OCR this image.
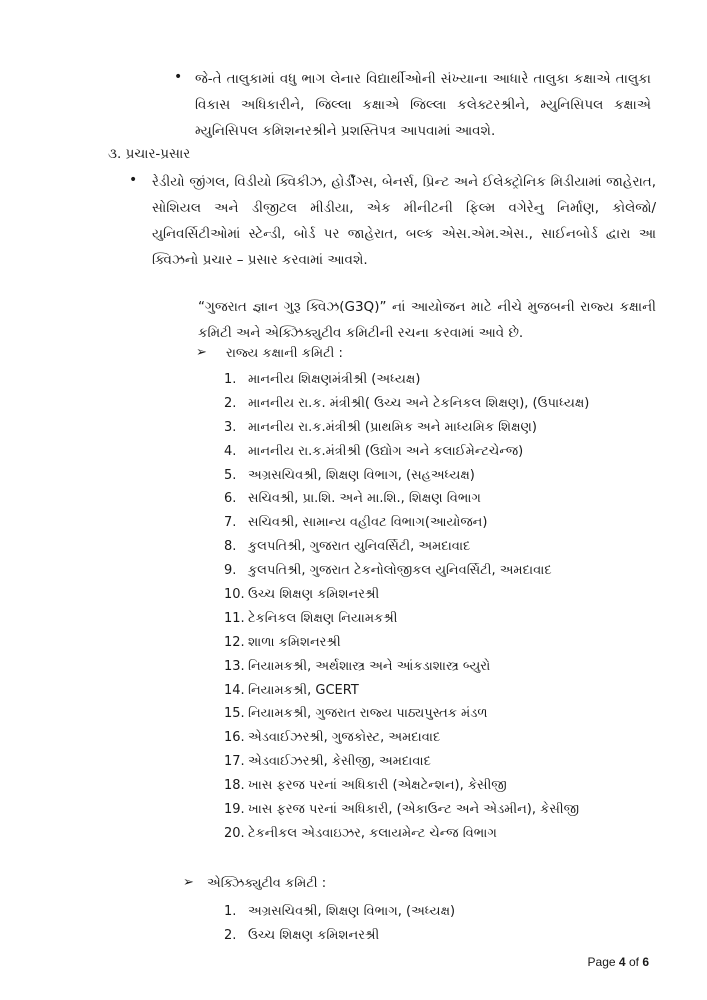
• જે-તે તાલુકામાં વધુ ભાગ લેનાર વિદ્યાર્થીઓની સંખ્યાના આધારે તાલુકા કક્ષાએ તાલુકા વિકાસ અધિકારીને, જિલ્લા કક્ષાએ જિલ્લા કલેક્ટરશ્રીને, મ્યુનિસિપલ કક્ષાએ મ્યુનિસિપલ કમિશનરશ્રીને પ્રશસ્તિપત્ર આપવામાં આવશે.

૩. પ્રચાર-પ્રસાર
• રેડીયો જીંગલ, વિડીયો ક્વિકીઝ, હોર્ડીંગ્સ, બેનર્સ, પ્રિન્ટ અને ઈલેક્ટ્રોનિક મિડીયામાં જાહેરાત, સોશિયલ અને ડીજીટલ મીડીયા, એક મીનીટની ફિલ્મ વગેરેનુ નિર્માણ, કોલેજો/યુનિવર્સિટીઓમાં સ્ટેન્ડી, બોર્ડ પર જાહેરાત, બલ્ક એસ.એમ.એસ., સાઈનબોર્ડ દ્વારા આ ક્વિઝનો પ્રચાર – પ્રસાર કરવામાં આવશે.

“ગુજરાત જ્ઞાન ગુરૂ ક્વિઝ(G3Q)” નાં આયોજન માટે નીચે મુજબની રાજ્ય કક્ષાની કમિટી અને એક્ઝિક્યુટીવ કમિટીની રચના કરવામાં આવે છે.

➢ રાજ્ય કક્ષાની કમિટી :
1. માનનીય શિક્ષણમંત્રીશ્રી (અધ્યક્ષ)
2. માનનીય રા.ક. મંત્રીશ્રી( ઉચ્ચ અને ટેકનિકલ શિક્ષણ), (ઉપાધ્યક્ષ)
3. માનનીય રા.ક.મંત્રીશ્રી (પ્રાથમિક અને માધ્યમિક શિક્ષણ)
4. માનનીય રા.ક.મંત્રીશ્રી (ઉદ્યોગ અને કલાઈમેન્ટચેન્જ)
5. અગ્રસચિવશ્રી, શિક્ષણ વિભાગ, (સહઅધ્યક્ષ)
6. સચિવશ્રી, પ્રા.શિ. અને મા.શિ., શિક્ષણ વિભાગ
7. સચિવશ્રી, સામાન્ય વહીવટ વિભાગ(આયોજન)
8. કુલપતિશ્રી, ગુજરાત યુનિવર્સિટી, અમદાવાદ
9. કુલપતિશ્રી, ગુજરાત ટેકનોલોજીકલ યુનિવર્સિટી, અમદાવાદ
10. ઉચ્ચ શિક્ષણ કમિશનરશ્રી
11. ટેકનિકલ શિક્ષણ નિયામકશ્રી
12. શાળા કમિશનરશ્રી
13. નિયામકશ્રી, અર્થશાસ્ત્ર અને આંકડાશાસ્ત્ર બ્યુરો
14. નિયામકશ્રી, GCERT
15. નિયામકશ્રી, ગુજરાત રાજ્ય પાઠ્યપુસ્તક મંડળ
16. એડવાઈઝરશ્રી, ગુજકોસ્ટ, અમદાવાદ
17. એડવાઈઝરશ્રી, કેસીજી, અમદાવાદ
18. ખાસ ફરજ પરનાં અધિકારી (એક્ષટેન્શન), કેસીજી
19. ખાસ ફરજ પરનાં અધિકારી, (એકાઉન્ટ અને એડમીન), કેસીજી
20. ટેકનીકલ એડવાઇઝર, કલાયમેન્ટ ચેન્જ વિભાગ
➢ એક્ઝિક્યુટીવ કમિટી :
1. અગ્રસચિવશ્રી, શિક્ષણ વિભાગ, (અધ્યક્ષ)
2. ઉચ્ચ શિક્ષણ કમિશનરશ્રી
Page 4 of 6
